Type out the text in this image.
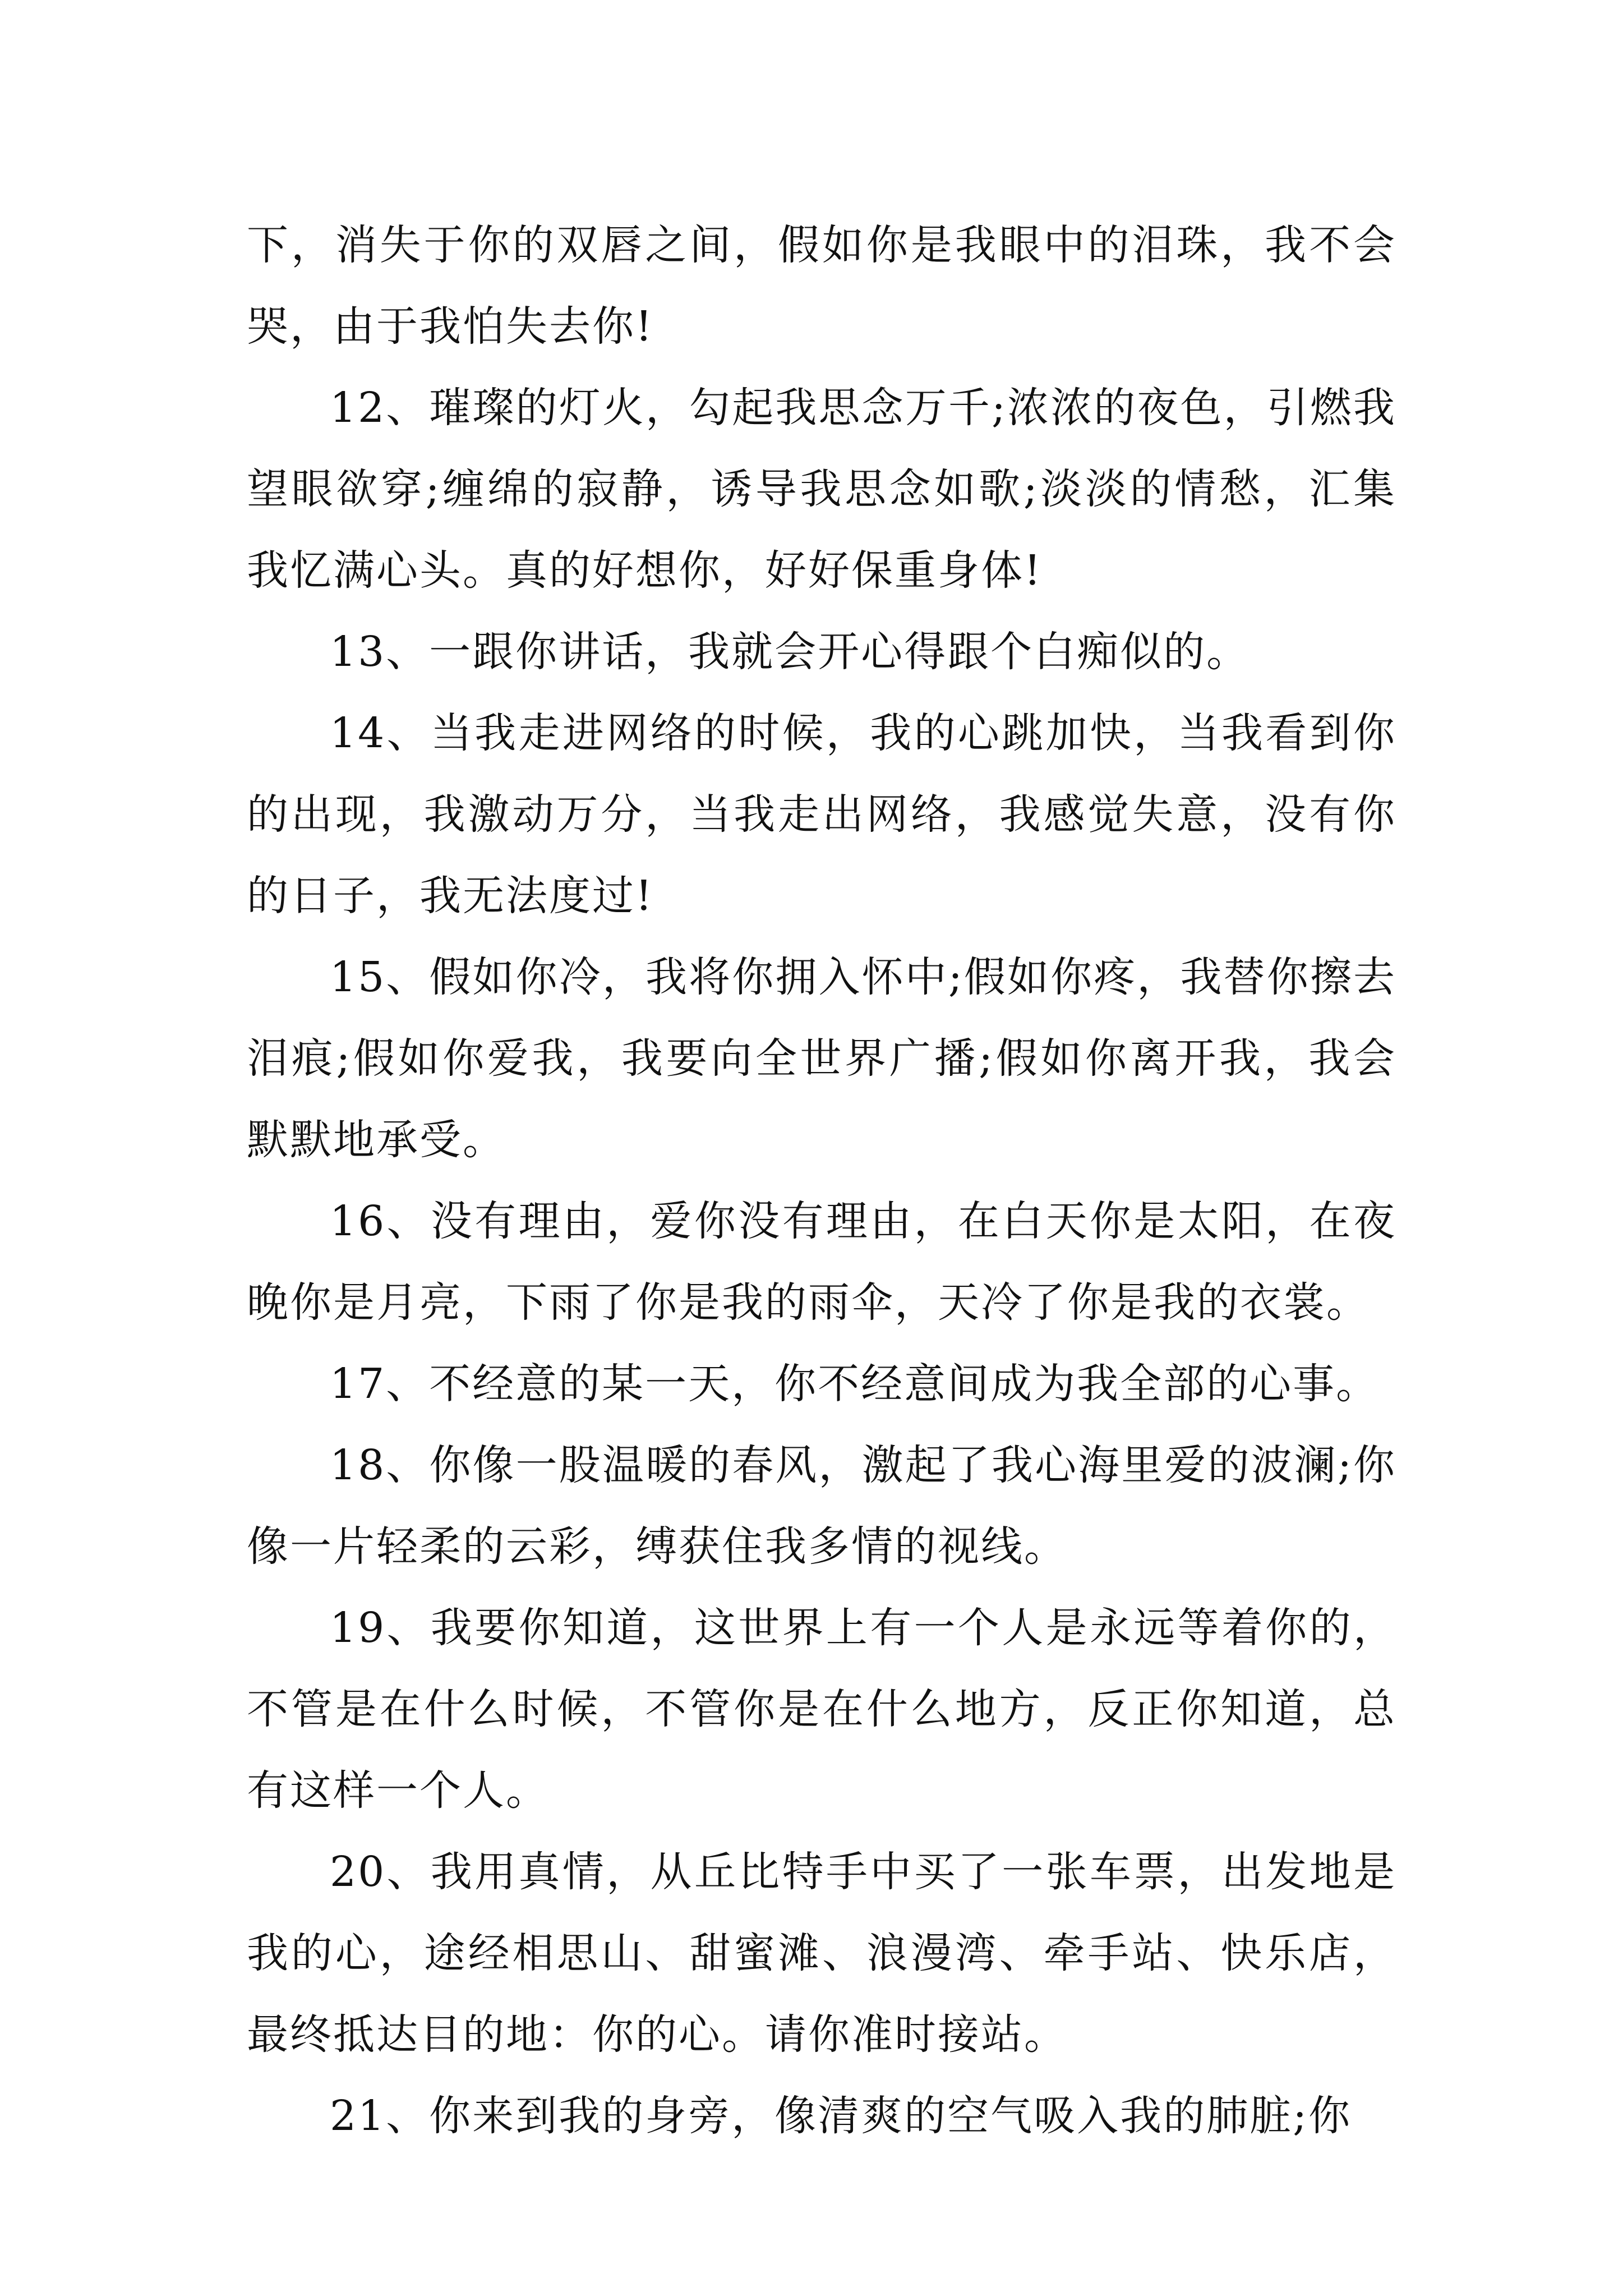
下，消失于你的双唇之间，假如你是我眼中的泪珠，我不会哭，由于我怕失去你!

12、璀璨的灯火，勾起我思念万千;浓浓的夜色，引燃我望眼欲穿;缠绵的寂静，诱导我思念如歌;淡淡的情愁，汇集我忆满心头。真的好想你，好好保重身体!

13、一跟你讲话，我就会开心得跟个白痴似的。

14、当我走进网络的时候，我的心跳加快，当我看到你的出现，我激动万分，当我走出网络，我感觉失意，没有你的日子，我无法度过!

15、假如你冷，我将你拥入怀中;假如你疼，我替你擦去泪痕;假如你爱我，我要向全世界广播;假如你离开我，我会默默地承受。

16、没有理由，爱你没有理由，在白天你是太阳，在夜晚你是月亮，下雨了你是我的雨伞，天冷了你是我的衣裳。

17、不经意的某一天，你不经意间成为我全部的心事。

18、你像一股温暖的春风，激起了我心海里爱的波澜;你像一片轻柔的云彩，缚获住我多情的视线。

19、我要你知道，这世界上有一个人是永远等着你的，不管是在什么时候，不管你是在什么地方，反正你知道，总有这样一个人。

20、我用真情，从丘比特手中买了一张车票，出发地是我的心，途经相思山、甜蜜滩、浪漫湾、牵手站、快乐店，最终抵达目的地：你的心。请你准时接站。

21、你来到我的身旁，像清爽的空气吸入我的肺脏;你
